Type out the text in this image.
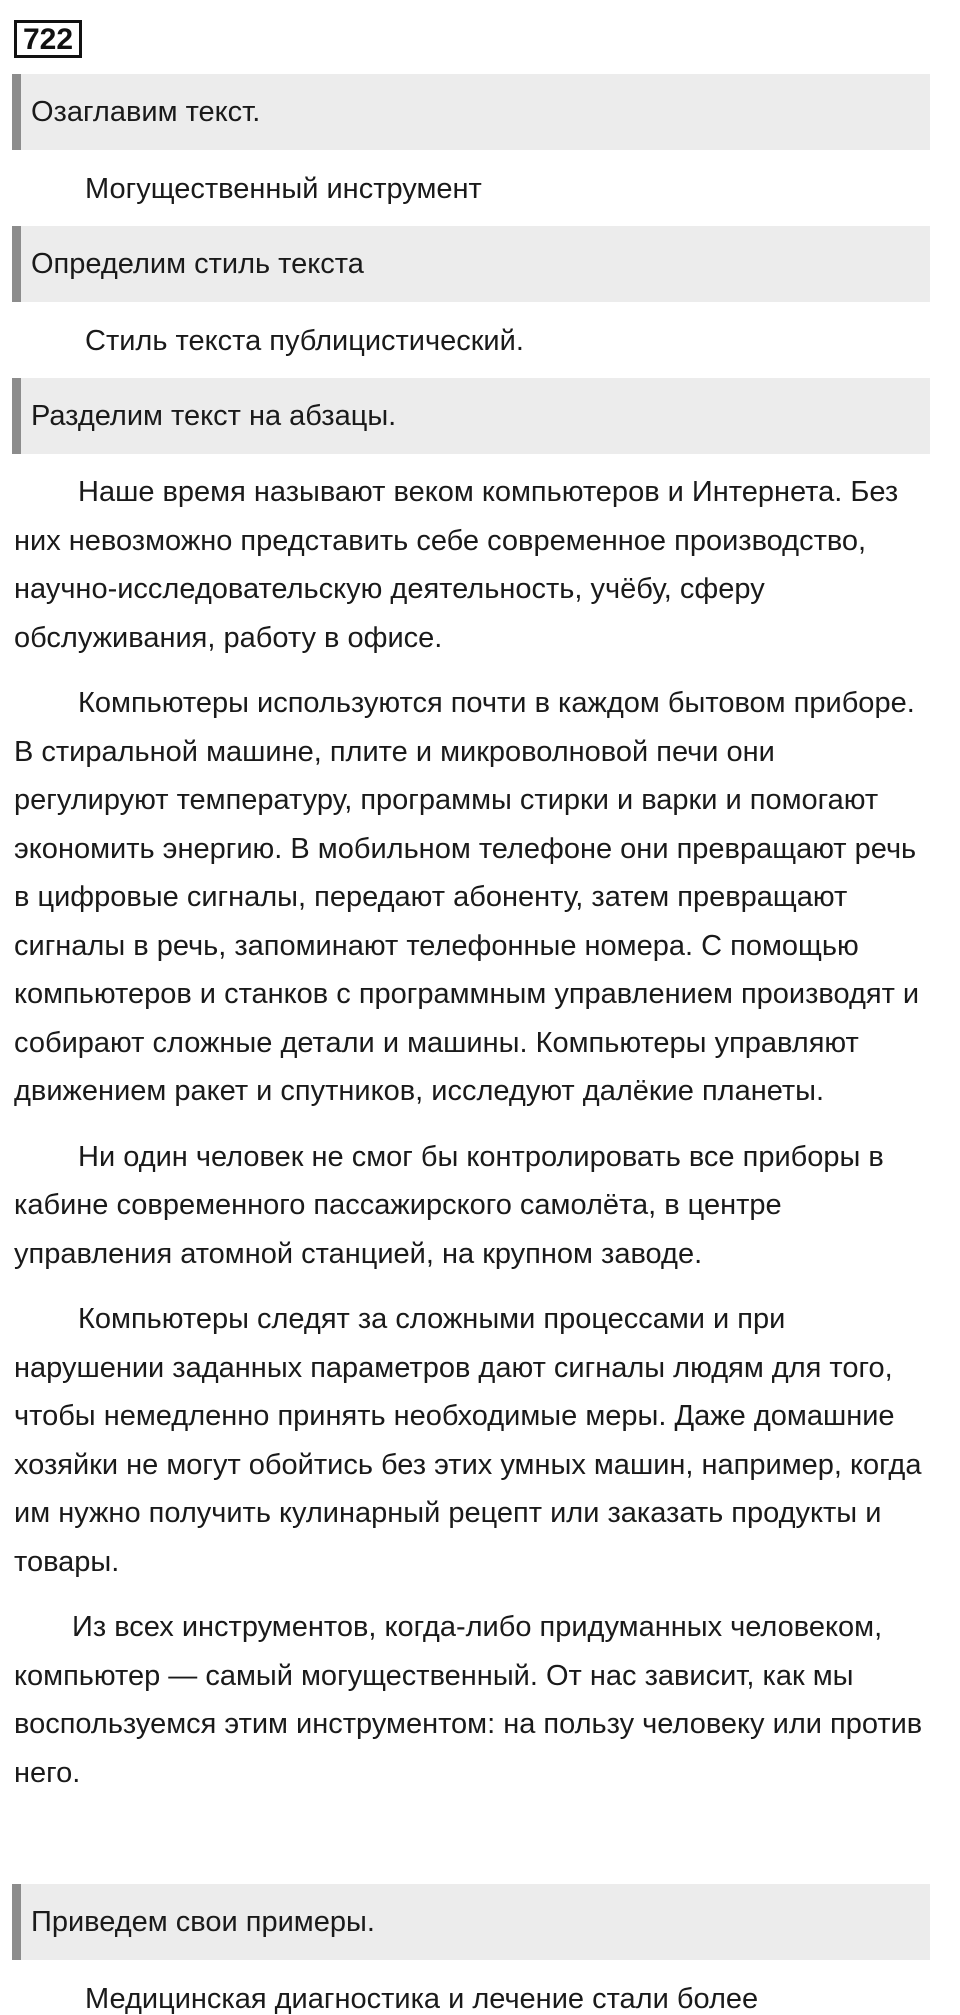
722
Озаглавим текст.
Могущественный инструмент
Определим стиль текста
Стиль текста публицистический.
Разделим текст на абзацы.

Наше время называют веком компьютеров и Интернета. Без них невозможно представить себе современное производство, научно-исследовательскую деятельность, учёбу, сферу обслуживания, работу в офисе.

Компьютеры используются почти в каждом бытовом приборе. В стиральной машине, плите и микроволновой печи они регулируют температуру, программы стирки и варки и помогают экономить энергию. В мобильном телефоне они превращают речь в цифровые сигналы, передают абоненту, затем превращают сигналы в речь, запоминают телефонные номера. С помощью компьютеров и станков с программным управлением производят и собирают сложные детали и машины. Компьютеры управляют движением ракет и спутников, исследуют далёкие планеты.

Ни один человек не смог бы контролировать все приборы в кабине современного пассажирского самолёта, в центре управления атомной станцией, на крупном заводе.

Компьютеры следят за сложными процессами и при нарушении заданных параметров дают сигналы людям для того, чтобы немедленно принять необходимые меры. Даже домашние хозяйки не могут обойтись без этих умных машин, например, когда им нужно получить кулинарный рецепт или заказать продукты и товары.

Из всех инструментов, когда-либо придуманных человеком, компьютер — самый могущественный. От нас зависит, как мы воспользуемся этим инструментом: на пользу человеку или против него.

Приведем свои примеры.
Медицинская диагностика и лечение стали более
